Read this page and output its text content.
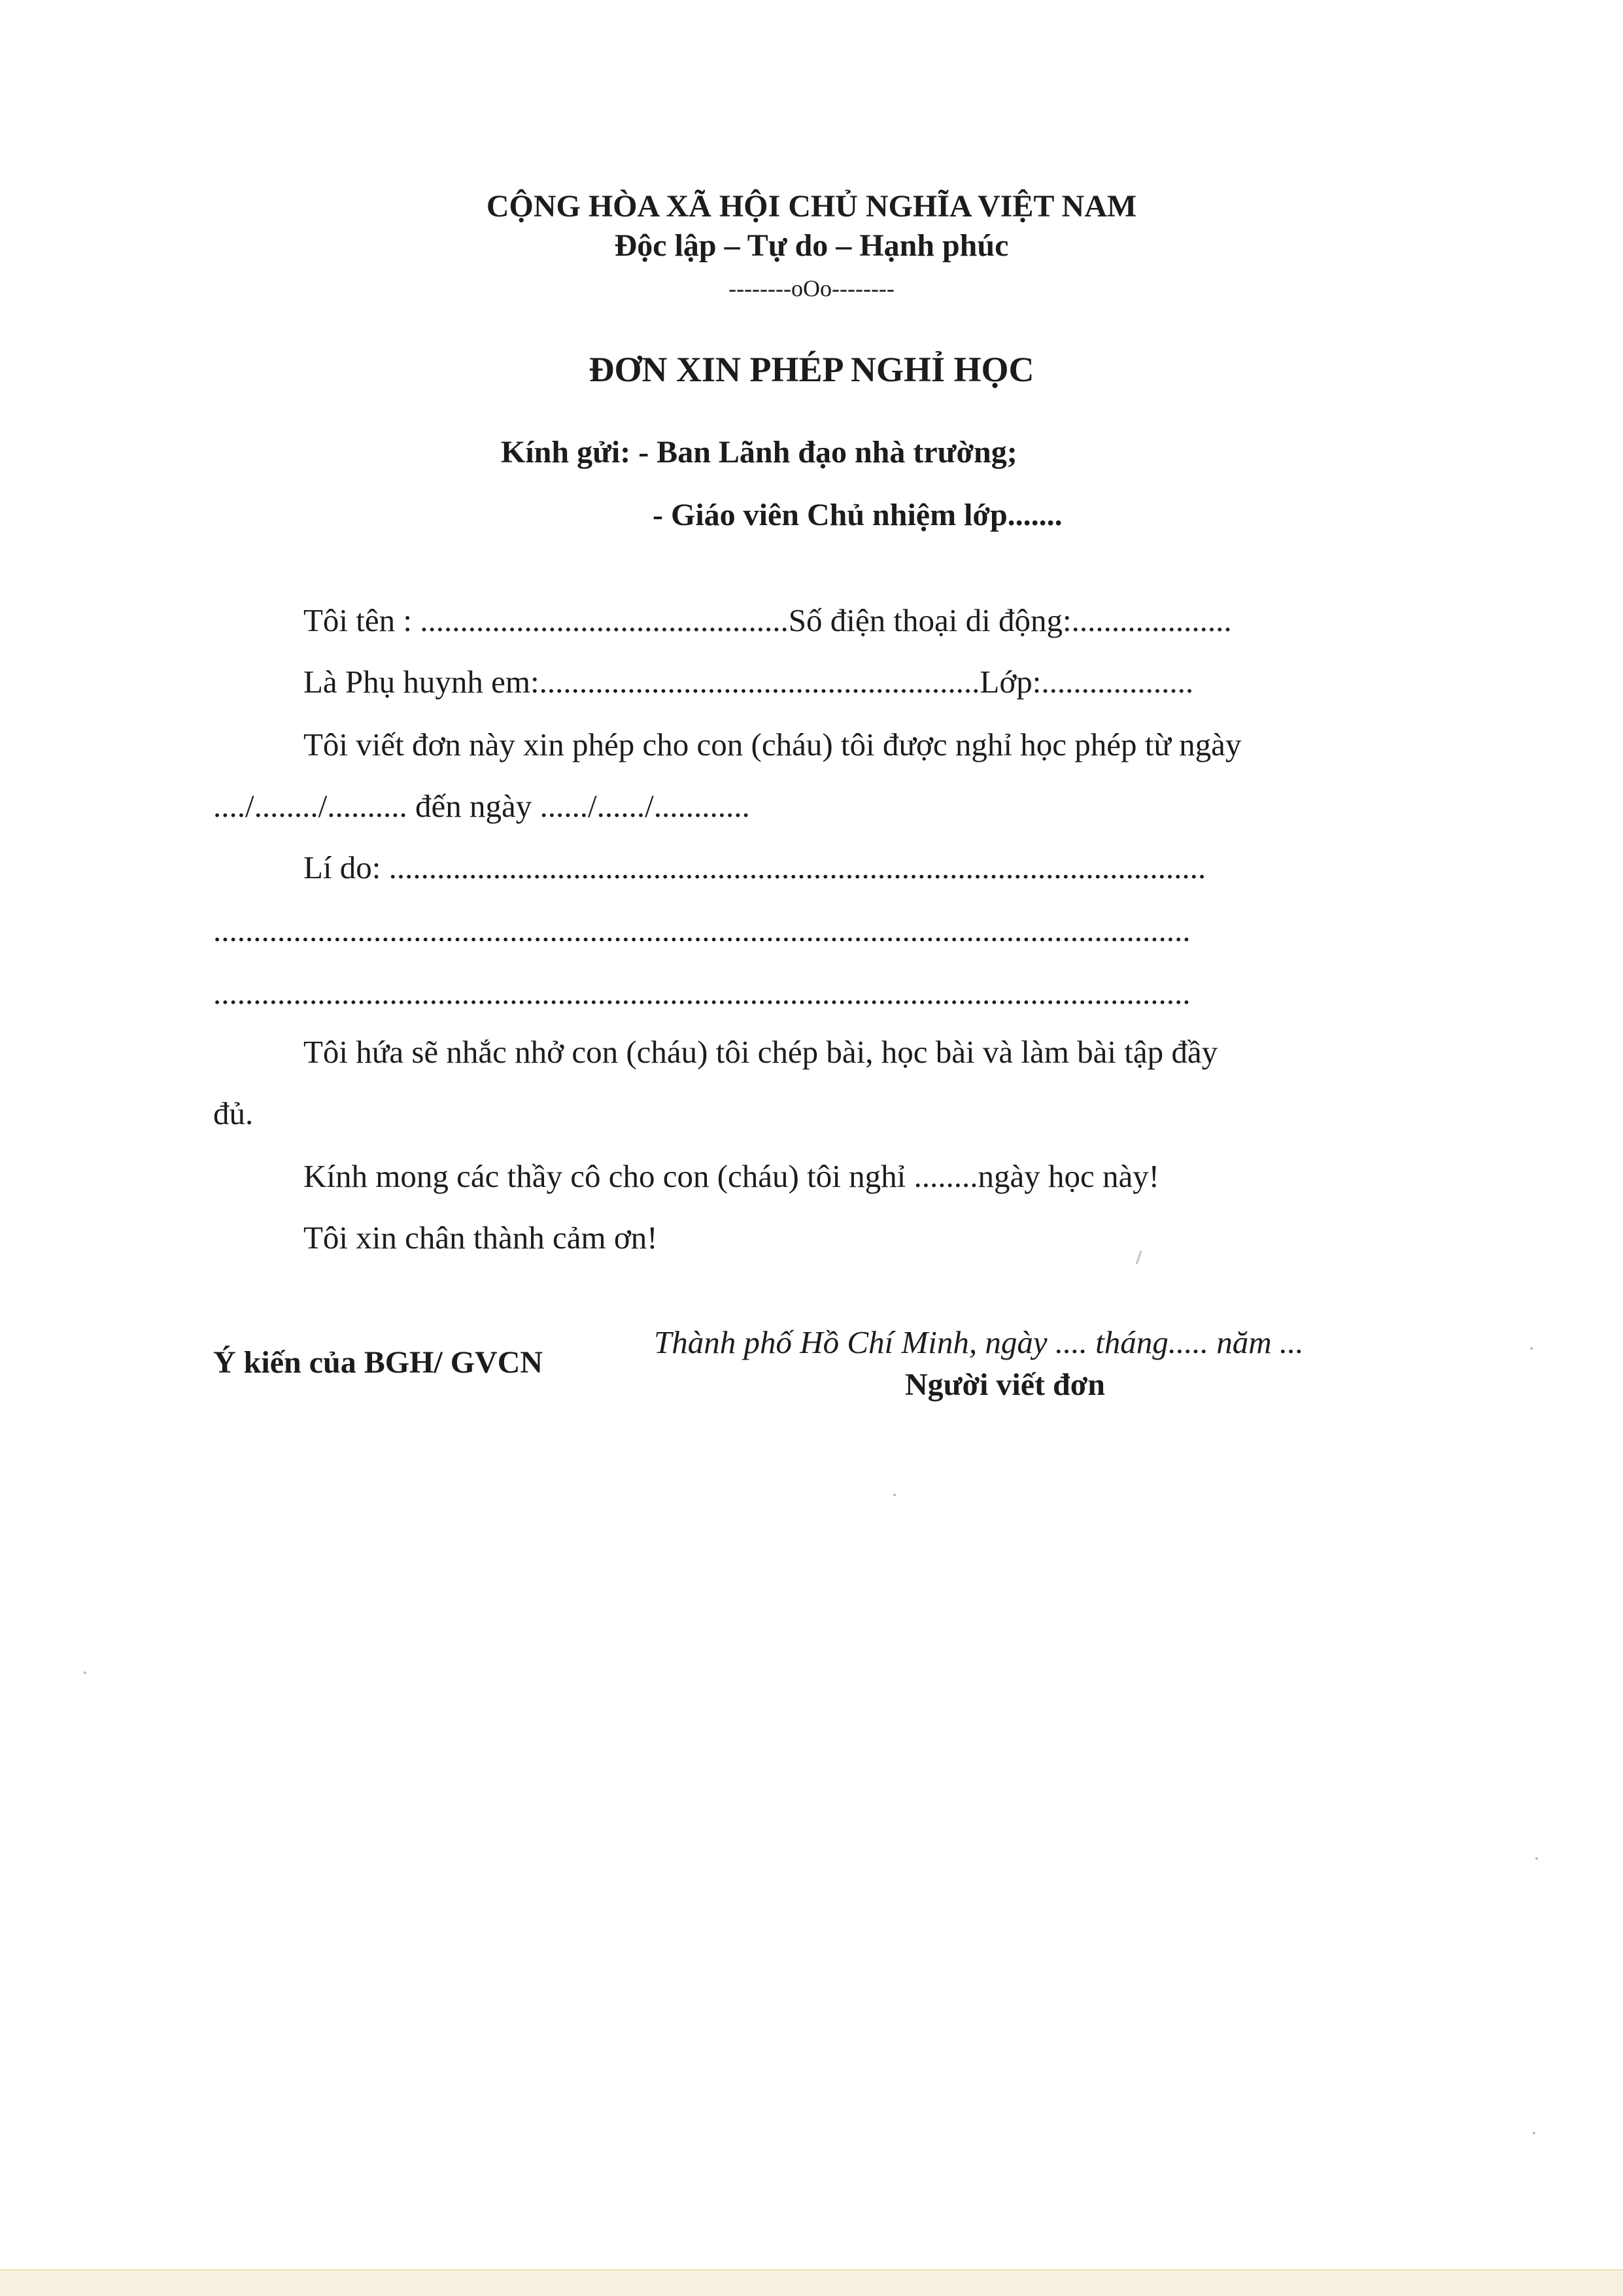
CỘNG HÒA XÃ HỘI CHỦ NGHĨA VIỆT NAM
Độc lập – Tự do – Hạnh phúc
--------oOo--------
ĐƠN XIN PHÉP NGHỈ HỌC
Kính gửi: - Ban Lãnh đạo nhà trường;
- Giáo viên Chủ nhiệm lớp.......
Tôi tên : ..............................................Số điện thoại di động:....................
Là Phụ huynh em:.......................................................Lớp:...................
Tôi viết đơn này xin phép cho con (cháu) tôi được nghỉ học phép từ ngày
..../......../.......... đến ngày ....../....../............
Lí do: ......................................................................................................
..........................................................................................................................
..........................................................................................................................
Tôi hứa sẽ nhắc nhở con (cháu) tôi chép bài, học bài và làm bài tập đầy
đủ.
Kính mong các thầy cô cho con (cháu) tôi nghỉ ........ngày học này!
Tôi xin chân thành cảm ơn!
Ý kiến của BGH/ GVCN
Thành phố Hồ Chí Minh, ngày .... tháng..... năm ...
Người viết đơn
